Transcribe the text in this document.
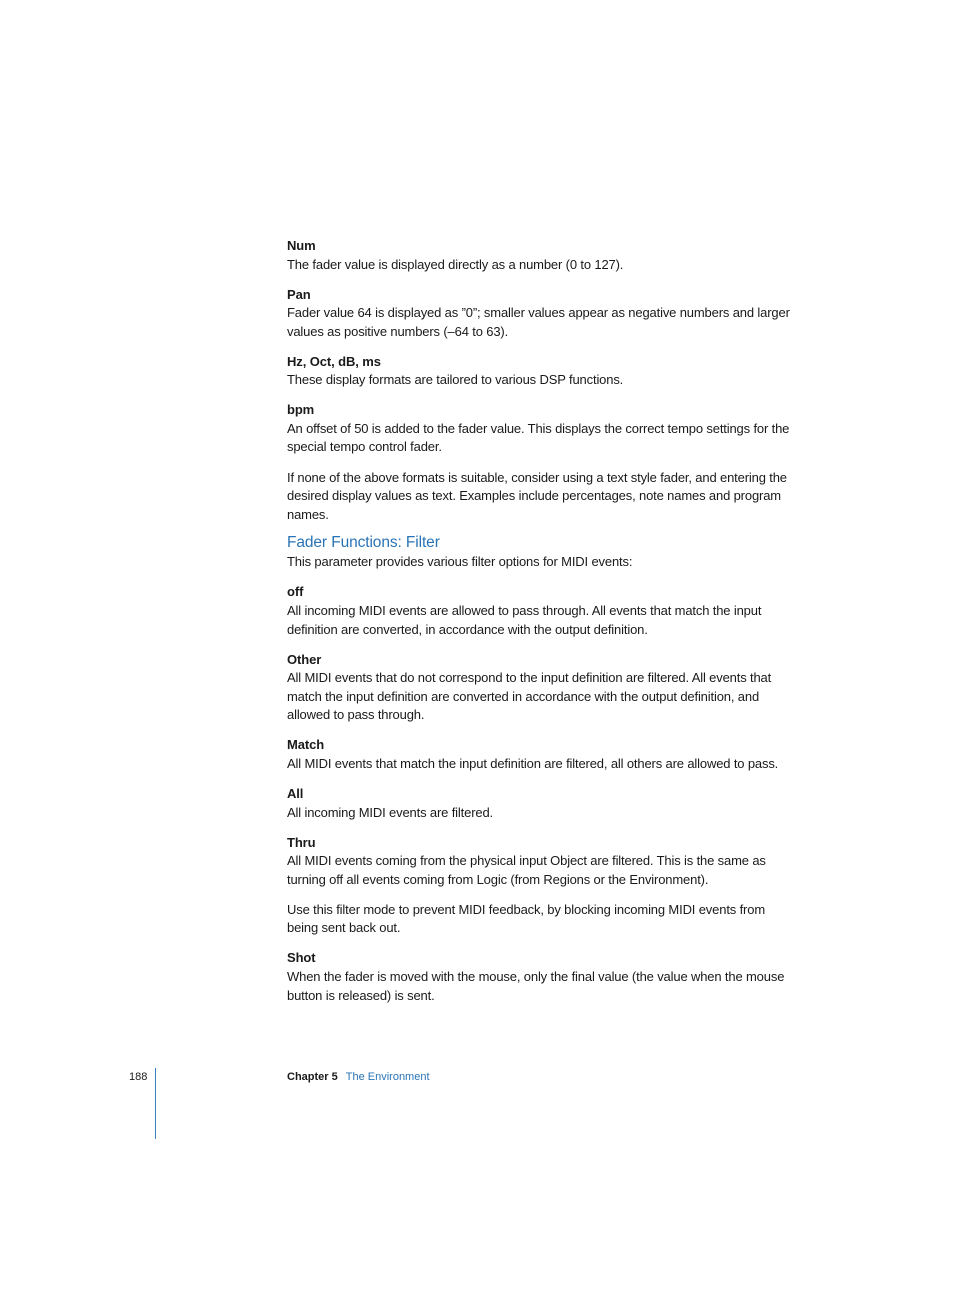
Num

The fader value is displayed directly as a number (0 to 127).

Pan

Fader value 64 is displayed as ”0”; smaller values appear as negative numbers and larger values as positive numbers (–64 to 63).

Hz, Oct, dB, ms

These display formats are tailored to various DSP functions.

bpm

An offset of 50 is added to the fader value. This displays the correct tempo settings for the special tempo control fader.

If none of the above formats is suitable, consider using a text style fader, and entering the desired display values as text. Examples include percentages, note names and program names.

Fader Functions: Filter

This parameter provides various filter options for MIDI events:

off

All incoming MIDI events are allowed to pass through. All events that match the input definition are converted, in accordance with the output definition.

Other

All MIDI events that do not correspond to the input definition are filtered. All events that match the input definition are converted in accordance with the output definition, and allowed to pass through.

Match

All MIDI events that match the input definition are filtered, all others are allowed to pass.

All

All incoming MIDI events are filtered.

Thru

All MIDI events coming from the physical input Object are filtered. This is the same as turning off all events coming from Logic (from Regions or the Environment).

Use this filter mode to prevent MIDI feedback, by blocking incoming MIDI events from being sent back out.

Shot

When the fader is moved with the mouse, only the final value (the value when the mouse button is released) is sent.

188	Chapter 5 The Environment
